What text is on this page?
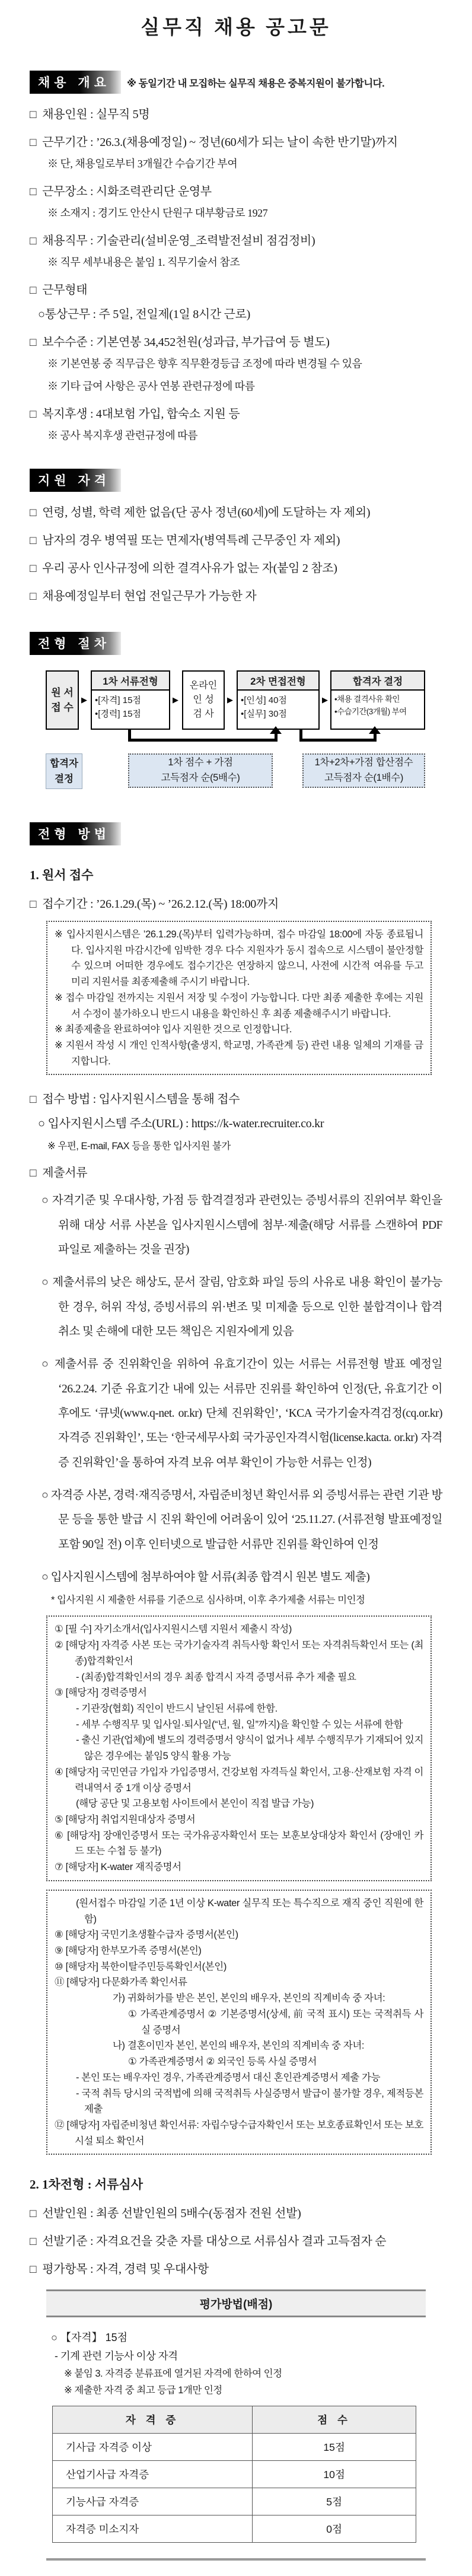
실무직 채용 공고문
채용 개요	※ 동일기간 내 모집하는 실무직 채용은 중복지원이 불가합니다.
□ 채용인원 : 실무직 5명
□ 근무기간 : ’26.3.(채용예정일) ~ 정년(60세가 되는 날이 속한 반기말)까지
※ 단, 채용일로부터 3개월간 수습기간 부여
□ 근무장소 : 시화조력관리단 운영부
※ 소재지 : 경기도 안산시 단원구 대부황금로 1927
□ 채용직무 : 기술관리(설비운영_조력발전설비 점검정비)
※ 직무 세부내용은 붙임 1. 직무기술서 참조
□ 근무형태
○통상근무 : 주 5일, 전일제(1일 8시간 근로)
□ 보수수준 : 기본연봉 34,452천원(성과급, 부가급여 등 별도)
※ 기본연봉 중 직무급은 향후 직무환경등급 조정에 따라 변경될 수 있음
※ 기타 급여 사항은 공사 연봉 관련규정에 따름
□ 복지후생 : 4대보험 가입, 합숙소 지원 등
※ 공사 복지후생 관련규정에 따름
지원 자격
□ 연령, 성별, 학력 제한 없음(단 공사 정년(60세)에 도달하는 자 제외)
□ 남자의 경우 병역필 또는 면제자(병역특례 근무중인 자 제외)
□ 우리 공사 인사규정에 의한 결격사유가 없는 자(붙임 2 참조)
□ 채용예정일부터 현업 전일근무가 가능한 자
전형 절차
원 서
접 수
▶
1차 서류전형
•[자격] 15점
•[경력] 15점
▶
온라인
인 성
검 사
▶
2차 면접전형
•[인성] 40점
•[실무] 30점
▶
합격자 결정
•채용 결격사유 확인
•수습기간(3개월) 부여
합격자
결정
1차 점수 + 가점
고득점자 순(5배수)
1차+2차+가점 합산점수
고득점자 순(1배수)
전형 방법
1. 원서 접수
□ 접수기간 : ’26.1.29.(목) ~ ’26.2.12.(목) 18:00까지
※ 입사지원시스템은 ’26.1.29.(목)부터 입력가능하며, 접수 마감일 18:00에 자동 종료됩니다. 입사지원 마감시간에 임박한 경우 다수 지원자가 동시 접속으로 시스템이 불안정할 수 있으며 어떠한 경우에도 접수기간은 연장하지 않으니, 사전에 시간적 여유를 두고 미리 지원서를 최종제출해 주시기 바랍니다.
※ 접수 마감일 전까지는 지원서 저장 및 수정이 가능합니다. 다만 최종 제출한 후에는 지원서 수정이 불가하오니 반드시 내용을 확인하신 후 최종 제출해주시기 바랍니다.
※ 최종제출을 완료하여야 입사 지원한 것으로 인정합니다.
※ 지원서 작성 시 개인 인적사항(출생지, 학교명, 가족관계 등) 관련 내용 일체의 기재를 금지합니다.
□ 접수 방법 : 입사지원시스템을 통해 접수
○ 입사지원시스템 주소(URL) : https://k-water.recruiter.co.kr
※ 우편, E-mail, FAX 등을 통한 입사지원 불가
□ 제출서류
○ 자격기준 및 우대사항, 가점 등 합격결정과 관련있는 증빙서류의 진위여부 확인을 위해 대상 서류 사본을 입사지원시스템에 첨부·제출(해당 서류를 스캔하여 PDF파일로 제출하는 것을 권장)
○ 제출서류의 낮은 해상도, 문서 잘림, 암호화 파일 등의 사유로 내용 확인이 불가능한 경우, 허위 작성, 증빙서류의 위·변조 및 미제출 등으로 인한 불합격이나 합격 취소 및 손해에 대한 모든 책임은 지원자에게 있음
○ 제출서류 중 진위확인을 위하여 유효기간이 있는 서류는 서류전형 발표 예정일 ‘26.2.24. 기준 유효기간 내에 있는 서류만 진위를 확인하여 인정(단, 유효기간 이후에도 ‘큐넷(www.q-net. or.kr) 단체 진위확인’, ‘KCA 국가기술자격검정(cq.or.kr) 자격증 진위확인’, 또는 ‘한국세무사회 국가공인자격시험(license.kacta. or.kr) 자격증 진위확인’을 통하여 자격 보유 여부 확인이 가능한 서류는 인정)
○ 자격증 사본, 경력·재직증명서, 자립준비청년 확인서류 외 증빙서류는 관련 기관 방문 등을 통한 발급 시 진위 확인에 어려움이 있어 ‘25.11.27. (서류전형 발표예정일 포함 90일 전) 이후 인터넷으로 발급한 서류만 진위를 확인하여 인정
○ 입사지원시스템에 첨부하여야 할 서류(최종 합격시 원본 별도 제출)
* 입사지원 시 제출한 서류를 기준으로 심사하며, 이후 추가제출 서류는 미인정
① [필 수] 자기소개서(입사지원시스템 지원서 제출시 작성)
② [해당자] 자격증 사본 또는 국가기술자격 취득사항 확인서 또는 자격취득확인서 또는 (최종)합격확인서
- (최종)합격확인서의 경우 최종 합격시 자격 증명서류 추가 제출 필요
③ [해당자] 경력증명서
- 기관장(협회) 직인이 반드시 날인된 서류에 한함.
- 세부 수행직무 및 입사일·퇴사일(“년, 월, 일”까지)을 확인할 수 있는 서류에 한함
- 출신 기관(업체)에 별도의 경력증명서 양식이 없거나 세부 수행직무가 기재되어 있지 않은 경우에는 붙임5 양식 활용 가능
④ [해당자] 국민연금 가입자 가입증명서, 건강보험 자격득실 확인서, 고용·산재보험 자격 이력내역서 중 1개 이상 증명서
(해당 공단 및 고용보험 사이트에서 본인이 직접 발급 가능)
⑤ [해당자] 취업지원대상자 증명서
⑥ [해당자] 장애인증명서 또는 국가유공자확인서 또는 보훈보상대상자 확인서 (장애인 카드 또는 수첩 등 불가)
⑦ [해당자] K-water 재직증명서
(원서접수 마감일 기준 1년 이상 K-water 실무직 또는 특수직으로 재직 중인 직원에 한함)
⑧ [해당자] 국민기초생활수급자 증명서(본인)
⑨ [해당자] 한부모가족 증명서(본인)
⑩ [해당자] 북한이탈주민등록확인서(본인)
⑪ [해당자] 다문화가족 확인서류
가) 귀화허가를 받은 본인, 본인의 배우자, 본인의 직계비속 중 자녀:
① 가족관계증명서 ② 기본증명서(상세, 前 국적 표시) 또는 국적취득 사실 증명서
나) 결혼이민자 본인, 본인의 배우자, 본인의 직계비속 중 자녀:
① 가족관계증명서 ② 외국인 등록 사실 증명서
- 본인 또는 배우자인 경우, 가족관계증명서 대신 혼인관계증명서 제출 가능
- 국적 취득 당시의 국적법에 의해 국적취득 사실증명서 발급이 불가할 경우, 제적등본 제출
⑫ [해당자] 자립준비청년 확인서류: 자립수당수급자확인서 또는 보호종료확인서 또는 보호시설 퇴소 확인서
2. 1차전형 : 서류심사
□ 선발인원 : 최종 선발인원의 5배수(동점자 전원 선발)
□ 선발기준 : 자격요건을 갖춘 자를 대상으로 서류심사 결과 고득점자 순
□ 평가항목 : 자격, 경력 및 우대사항
평가방법(배점)
○ 【자격】 15점
- 기계 관련 기능사 이상 자격
※ 붙임 3. 자격증 분류표에 열거된 자격에 한하여 인정
※ 제출한 자격 중 최고 등급 1개만 인정
자 격 증	점 수
기사급 자격증 이상	15점
산업기사급 자격증	10점
기능사급 자격증	5점
자격증 미소지자	0점
